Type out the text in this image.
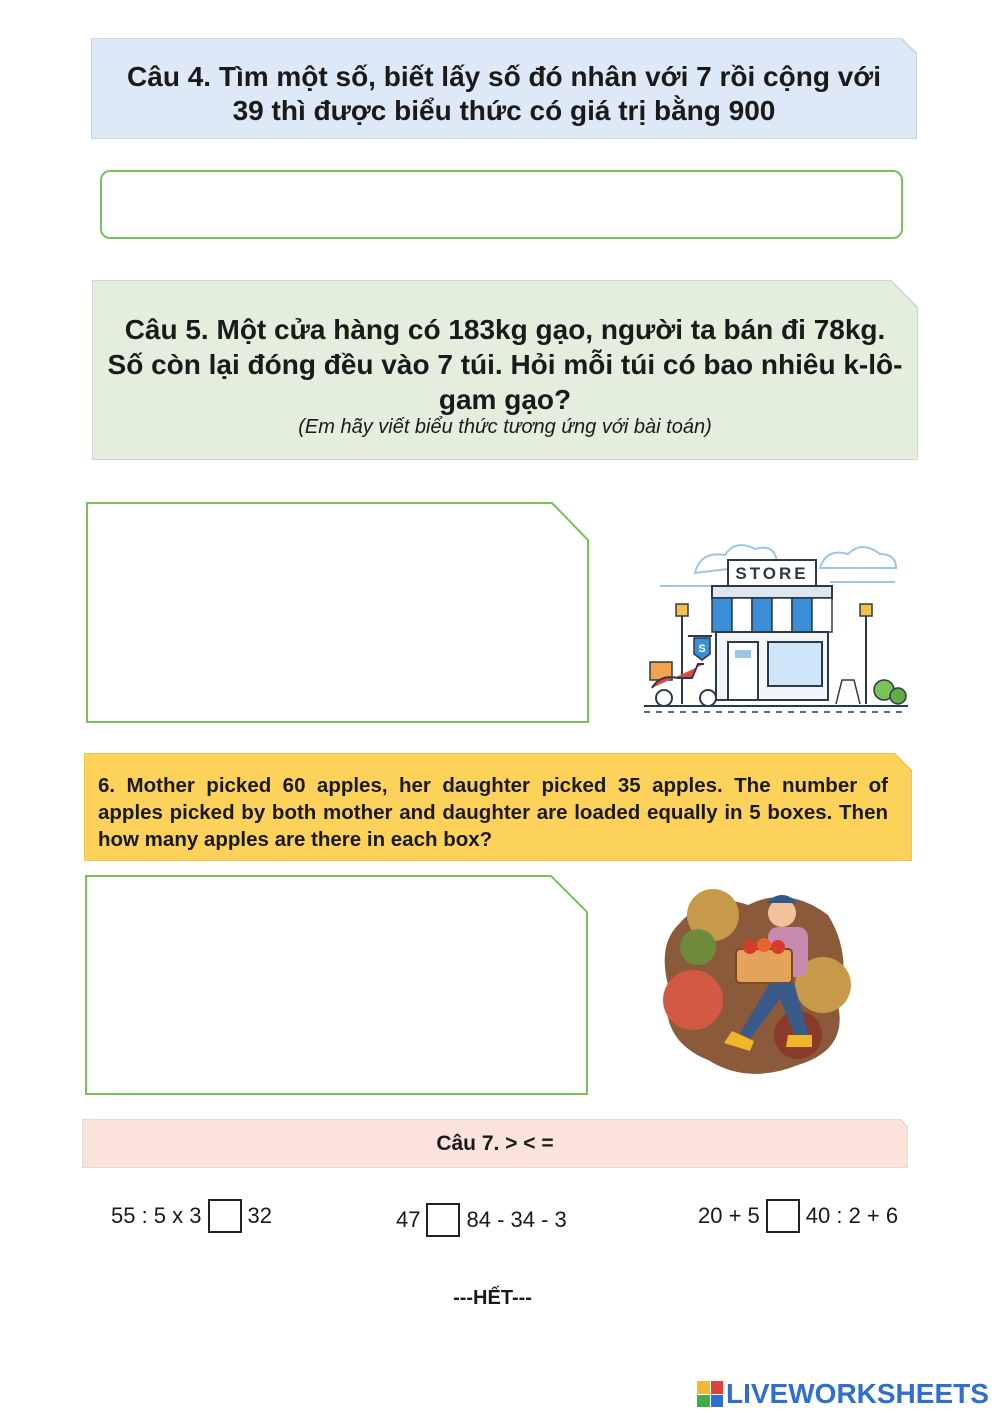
Câu 4. Tìm một số, biết lấy số đó nhân với 7 rồi cộng với 39 thì được biểu thức có giá trị bằng 900
Câu 5. Một cửa hàng có 183kg gạo, người ta bán đi 78kg. Số còn lại đóng đều vào 7 túi. Hỏi mỗi túi có bao nhiêu k-lô-gam gạo?
(Em hãy viết biểu thức tương ứng với bài toán)
STORE
S
6. Mother picked 60 apples, her daughter picked 35 apples. The number of apples picked by both mother and daughter are loaded equally in 5 boxes. Then how many apples are there in each box?
Câu 7. > < =
55 : 5 x 3 32	47 84 - 34 - 3	20 + 5 40 : 2 + 6
---HẾT---
LIVEWORKSHEETS
